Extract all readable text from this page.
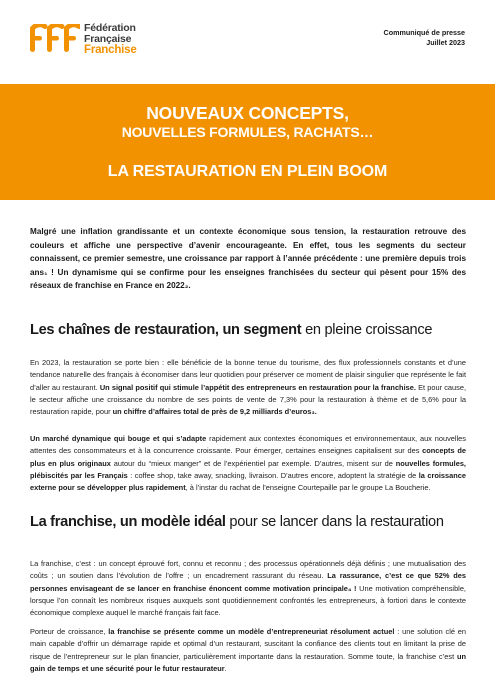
Fédération
Française
Franchise
Communiqué de presse
Juillet 2023
NOUVEAUX CONCEPTS,
NOUVELLES FORMULES, RACHATS…
LA RESTAURATION EN PLEIN BOOM
Malgré une inflation grandissante et un contexte économique sous tension, la restauration retrouve des couleurs et affiche une perspective d’avenir encourageante. En effet, tous les segments du secteur connaissent, ce premier semestre, une croissance par rapport à l’année précédente : une première depuis trois ans₁ ! Un dynamisme qui se confirme pour les enseignes franchisées du secteur qui pèsent pour 15% des réseaux de franchise en France en 2022₂.
Les chaînes de restauration, un segment en pleine croissance
En 2023, la restauration se porte bien : elle bénéficie de la bonne tenue du tourisme, des flux professionnels constants et d’une tendance naturelle des français à économiser dans leur quotidien pour préserver ce moment de plaisir singulier que représente le fait d’aller au restaurant. Un signal positif qui stimule l’appétit des entrepreneurs en restauration pour la franchise. Et pour cause, le secteur affiche une croissance du nombre de ses points de vente de 7,3% pour la restauration à thème et de 5,6% pour la restauration rapide, pour un chiffre d’affaires total de près de 9,2 milliards d’euros₃.
Un marché dynamique qui bouge et qui s’adapte rapidement aux contextes économiques et environnementaux, aux nouvelles attentes des consommateurs et à la concurrence croissante. Pour émerger, certaines enseignes capitalisent sur des concepts de plus en plus originaux autour du “mieux manger” et de l’expérientiel par exemple. D’autres, misent sur de nouvelles formules, plébiscités par les Français : coffee shop, take away, snacking, livraison. D’autres encore, adoptent la stratégie de la croissance externe pour se développer plus rapidement, à l’instar du rachat de l’enseigne Courtepaille par le groupe La Boucherie.
La franchise, un modèle idéal pour se lancer dans la restauration
La franchise, c’est : un concept éprouvé fort, connu et reconnu ; des processus opérationnels déjà définis ; une mutualisation des coûts ; un soutien dans l’évolution de l’offre ; un encadrement rassurant du réseau. La rassurance, c’est ce que 52% des personnes envisageant de se lancer en franchise énoncent comme motivation principale₄ ! Une motivation compréhensible, lorsque l’on connaît les nombreux risques auxquels sont quotidiennement confrontés les entrepreneurs, à fortiori dans le contexte économique complexe auquel le marché français fait face.
Porteur de croissance, la franchise se présente comme un modèle d’entrepreneuriat résolument actuel : une solution clé en main capable d’offrir un démarrage rapide et optimal d’un restaurant, suscitant la confiance des clients tout en limitant la prise de risque de l’entrepreneur sur le plan financier, particulièrement importante dans la restauration. Somme toute, la franchise c’est un gain de temps et une sécurité pour le futur restaurateur.
